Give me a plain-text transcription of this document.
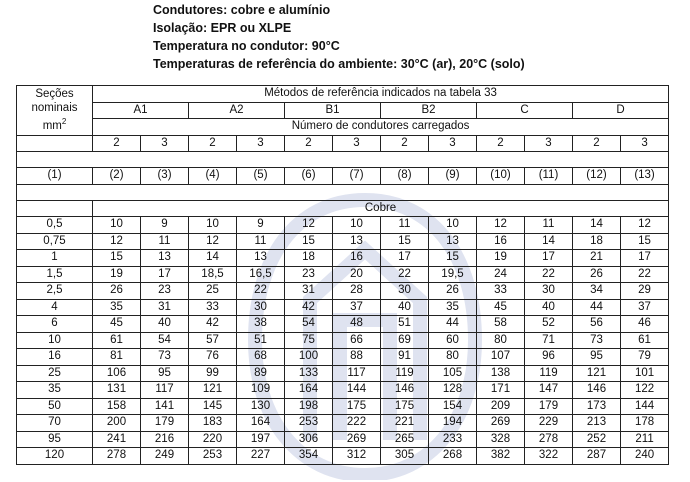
Condutores: cobre e alumínio
Isolação: EPR ou XLPE
Temperatura no condutor: 90°C
Temperaturas de referência do ambiente: 30°C (ar), 20°C (solo)
Seções
nominais
$mm^2$	Métodos de referência indicados na tabela 33											
	A1		A2		B1		B2		C		D	
	Número de condutores carregados											
	2	3	2	3	2	3	2	3	2	3	2	3

(1)	(2)	(3)	(4)	(5)	(6)	(7)	(8)	(9)	(10)	(11)	(12)	(13)

	Cobre											
0,5	10	9	10	9	12	10	11	10	12	11	14	12
0,75	12	11	12	11	15	13	15	13	16	14	18	15
1	15	13	14	13	18	16	17	15	19	17	21	17
1,5	19	17	18,5	16,5	23	20	22	19,5	24	22	26	22
2,5	26	23	25	22	31	28	30	26	33	30	34	29
4	35	31	33	30	42	37	40	35	45	40	44	37
6	45	40	42	38	54	48	51	44	58	52	56	46
10	61	54	57	51	75	66	69	60	80	71	73	61
16	81	73	76	68	100	88	91	80	107	96	95	79
25	106	95	99	89	133	117	119	105	138	119	121	101
35	131	117	121	109	164	144	146	128	171	147	146	122
50	158	141	145	130	198	175	175	154	209	179	173	144
70	200	179	183	164	253	222	221	194	269	229	213	178
95	241	216	220	197	306	269	265	233	328	278	252	211
120	278	249	253	227	354	312	305	268	382	322	287	240
